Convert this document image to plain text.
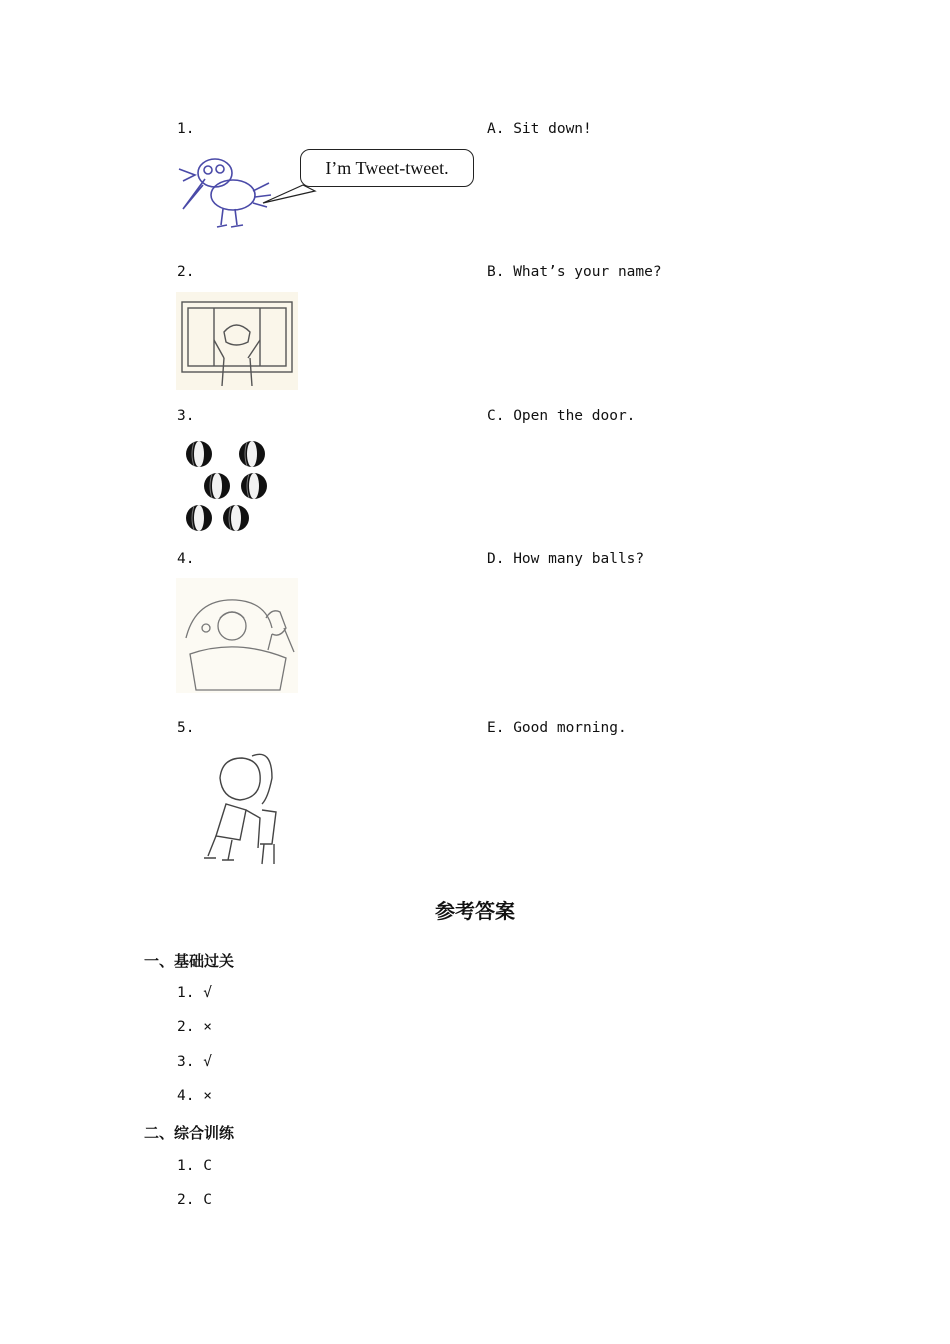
1.
2.
3.
4.
5.
A. Sit down!
B. What’s your name?
C. Open the door.
D. How many balls?
E. Good morning.
I’m Tweet-tweet.
参考答案
一、基础过关
1. √
2. ×
3. √
4. ×
二、综合训练
1. C
2. C
